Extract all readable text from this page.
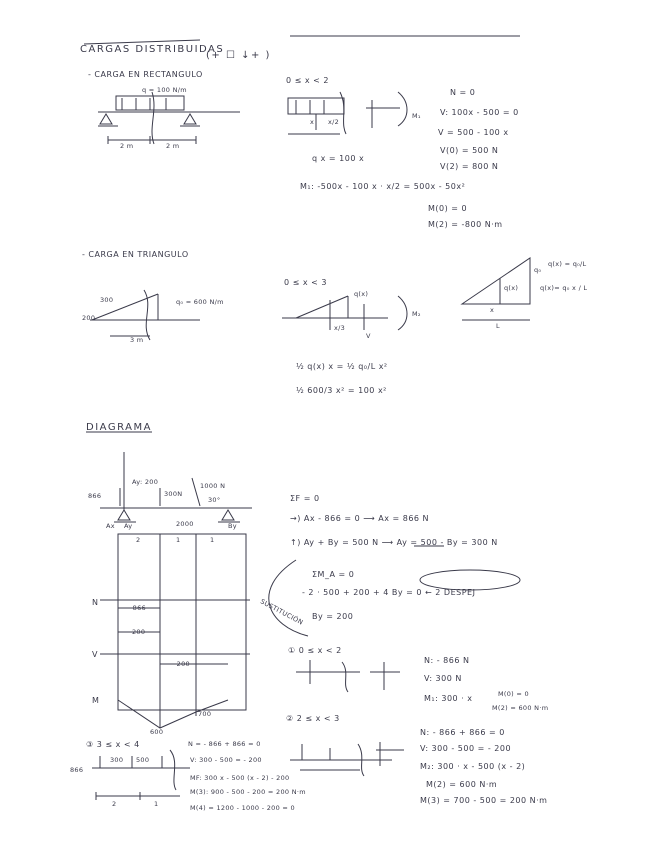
CARGAS DISTRIBUIDAS
(+ ☐ ↓+ )
- CARGA EN RECTANGULO
q = 100 N/m
2 m	2 m
0 ≤ x < 2
x x/2
M₁
N = 0
V: 100x - 500 = 0
V = 500 - 100 x
V(0) = 500 N
V(2) = 800 N
q x = 100 x
M₁: -500x - 100 x · x/2 = 500x - 50x²
M(0) = 0
M(2) = -800 N·m
- CARGA EN TRIANGULO
300
200
3 m
q₀ = 600 N/m
0 ≤ x < 3
q(x)
M₂
x/3
V
q(x)
q₀
x
L
q(x) = q₀/L
q(x)= q₀ x / L
½ q(x) x = ½ q₀/L x²
½ 600/3 x² = 100 x²
DIAGRAMA
Ay: 200
866	300N
1000 N
2000
30°
Ay
Ax	By
2	1	1
N
V
M
-866
200
-200
600
700
ΣF = 0
→) Ax - 866 = 0 ⟶ Ax = 866 N
↑) Ay + By = 500 N ⟶ Ay = 500 - By = 300 N
ΣM_A = 0
- 2 · 500 + 200 + 4 By = 0 ← 2 DESPEJ
By = 200
SUSTITUCIÓN
① 0 ≤ x < 2
N: - 866 N
V: 300 N
M₁: 300 · x	M(0) = 0
M(2) = 600 N·m
② 2 ≤ x < 3
N: - 866 + 866 = 0
V: 300 - 500 = - 200
M₂: 300 · x - 500 (x - 2)
M(2) = 600 N·m
M(3) = 700 - 500 = 200 N·m
③ 3 ≤ x < 4	N = - 866 + 866 = 0
V: 300 - 500 = - 200
MF: 300 x - 500 (x - 2) - 200
M(3): 900 - 500 - 200 = 200 N·m
M(4) = 1200 - 1000 - 200 = 0
866
300 500
2	1
